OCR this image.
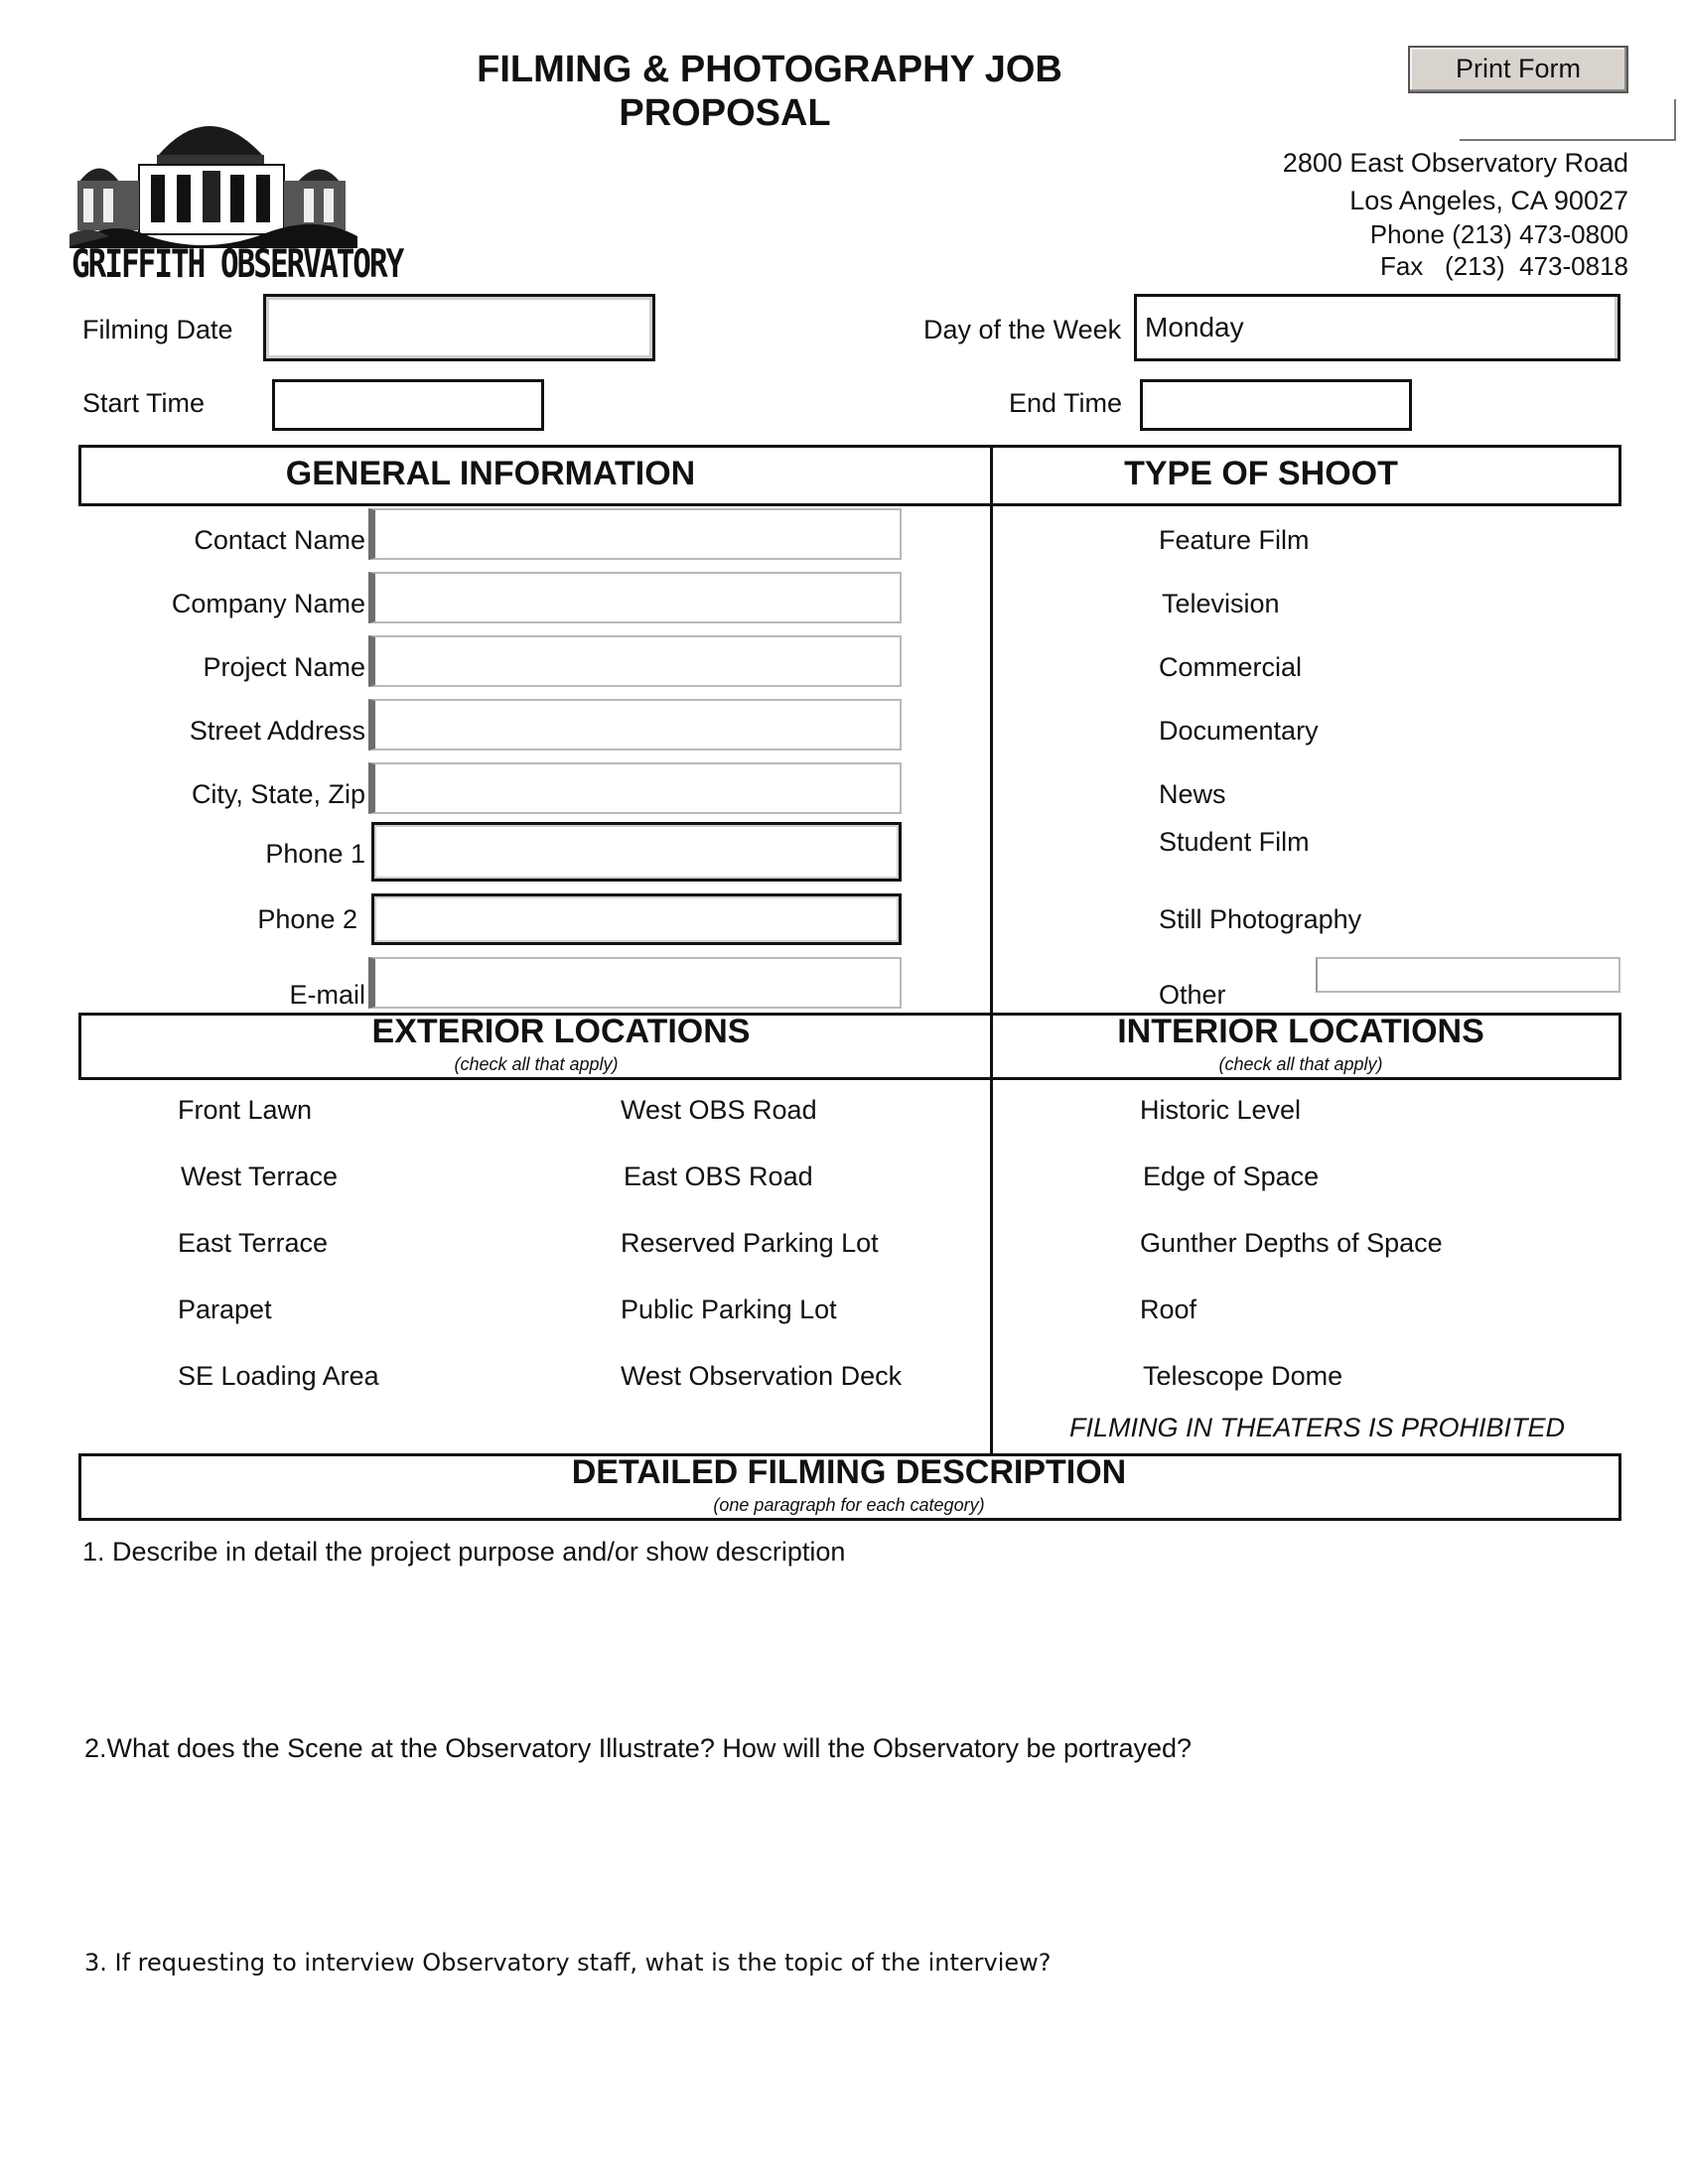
FILMING & PHOTOGRAPHY JOB
PROPOSAL
Print Form
GRIFFITH OBSERVATORY
2800 East Observatory Road
Los Angeles, CA 90027
Phone (213) 473-0800
Fax   (213)  473-0818
Filming Date	Day of the Week Monday
Start Time	End Time
GENERAL INFORMATION	TYPE OF SHOOT
Contact Name
Company Name
Project Name
Street Address
City, State, Zip
Phone 1
Phone 2
E-mail
Feature Film
Television
Commercial
Documentary
News
Student Film
Still Photography
Other
EXTERIOR LOCATIONS
(check all that apply)
INTERIOR LOCATIONS
(check all that apply)
Front Lawn
West Terrace
East Terrace
Parapet
SE Loading Area
West OBS Road
East OBS Road
Reserved Parking Lot
Public Parking Lot
West Observation Deck
Historic Level
Edge of Space
Gunther Depths of Space
Roof
Telescope Dome
FILMING IN THEATERS IS PROHIBITED
DETAILED FILMING DESCRIPTION
(one paragraph for each category)
1. Describe in detail the project purpose and/or show description
2.What does the Scene at the Observatory Illustrate? How will the Observatory be portrayed?
3. If requesting to interview Observatory staff, what is the topic of the interview?
